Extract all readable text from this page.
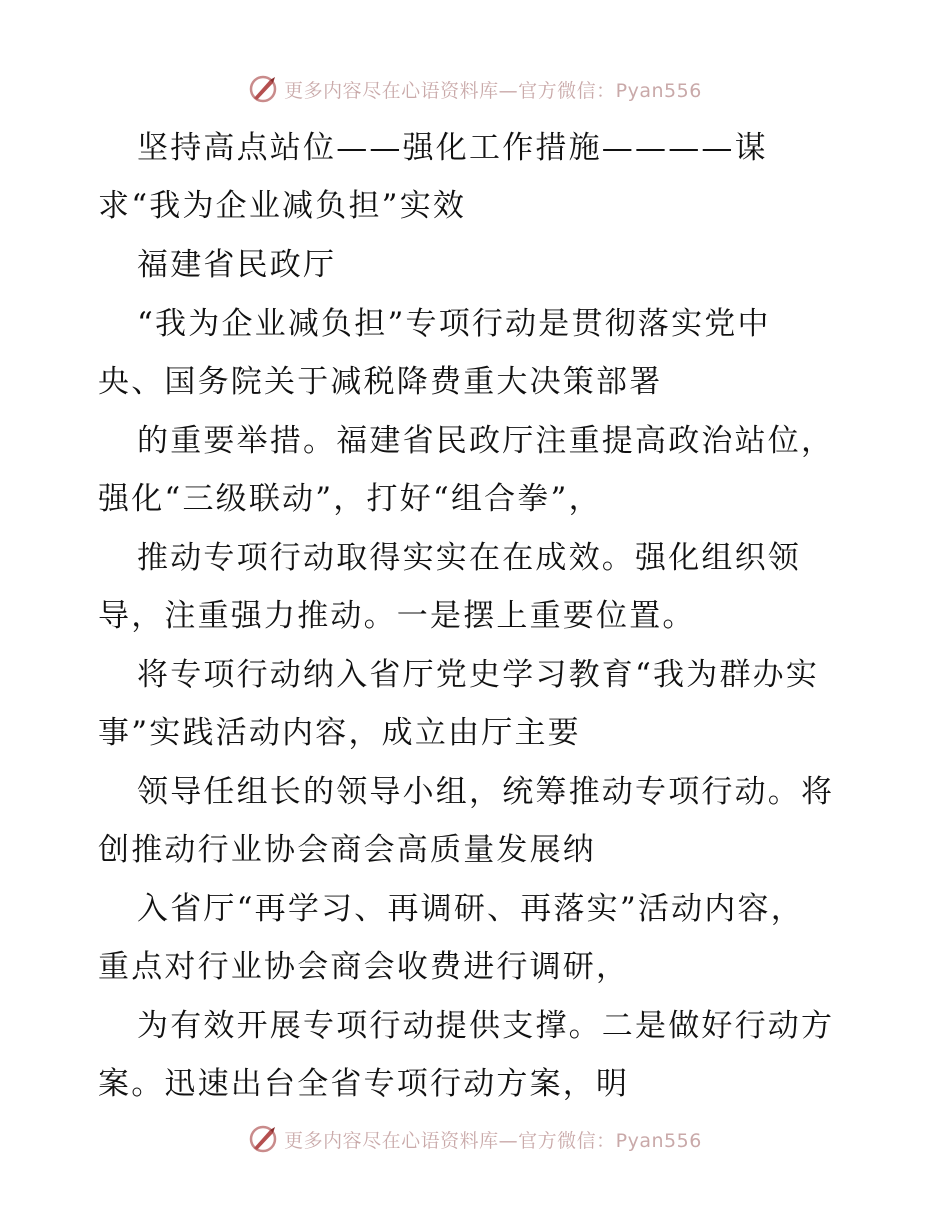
更多内容尽在心语资料库—官方微信：Pyan556
坚持高点站位——强化工作措施————谋
求“我为企业减负担”实效
福建省民政厅
“我为企业减负担”专项行动是贯彻落实党中
央、国务院关于减税降费重大决策部署
的重要举措。福建省民政厅注重提高政治站位，
强化“三级联动”，打好“组合拳”，
推动专项行动取得实实在在成效。强化组织领
导，注重强力推动。一是摆上重要位置。
将专项行动纳入省厅党史学习教育“我为群办实
事”实践活动内容，成立由厅主要
领导任组长的领导小组，统筹推动专项行动。将
创推动行业协会商会高质量发展纳
入省厅“再学习、再调研、再落实”活动内容，
重点对行业协会商会收费进行调研，
为有效开展专项行动提供支撑。二是做好行动方
案。迅速出台全省专项行动方案，明
更多内容尽在心语资料库—官方微信：Pyan556
